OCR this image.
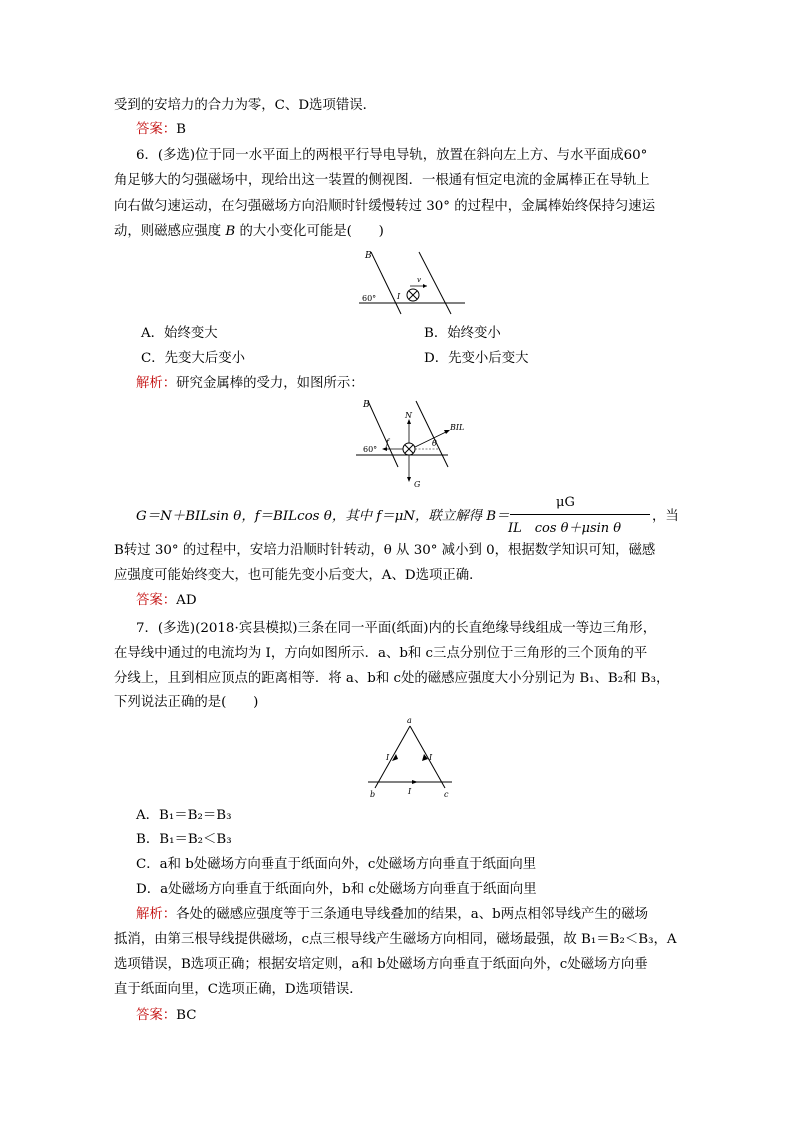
受到的安培力的合力为零，C、D选项错误．
答案：B
6．(多选)位于同一水平面上的两根平行导电导轨，放置在斜向左上方、与水平面成60°
角足够大的匀强磁场中，现给出这一装置的侧视图．一根通有恒定电流的金属棒正在导轨上
向右做匀速运动，在匀强磁场方向沿顺时针缓慢转过 30° 的过程中，金属棒始终保持匀速运
动，则磁感应强度 B 的大小变化可能是(　　)
B
v
60°	I
A．始终变大	B．始终变小
C．先变大后变小	D．先变小后变大
解析：研究金属棒的受力，如图所示：
B
N
BIL
θ
60°
f
G
G＝N＋BILsin θ，f＝BILcos θ，其中 f＝μN，联立解得 B＝
μG
IL　cos θ＋μsin θ
，当
B转过 30° 的过程中，安培力沿顺时针转动，θ 从 30° 减小到 0，根据数学知识可知，磁感
应强度可能始终变大，也可能先变小后变大，A、D选项正确．
答案：AD
7．(多选)(2018·宾县模拟)三条在同一平面(纸面)内的长直绝缘导线组成一等边三角形，
在导线中通过的电流均为 I，方向如图所示．a、b和 c三点分别位于三角形的三个顶角的平
分线上，且到相应顶点的距离相等．将 a、b和 c处的磁感应强度大小分别记为 B₁、B₂和 B₃，
下列说法正确的是(　　)
a
b	c
I	I
I
A．B₁＝B₂＝B₃
B．B₁＝B₂＜B₃
C．a和 b处磁场方向垂直于纸面向外，c处磁场方向垂直于纸面向里
D．a处磁场方向垂直于纸面向外，b和 c处磁场方向垂直于纸面向里
解析：各处的磁感应强度等于三条通电导线叠加的结果，a、b两点相邻导线产生的磁场
抵消，由第三根导线提供磁场，c点三根导线产生磁场方向相同，磁场最强，故 B₁＝B₂＜B₃，A
选项错误，B选项正确；根据安培定则，a和 b处磁场方向垂直于纸面向外，c处磁场方向垂
直于纸面向里，C选项正确，D选项错误．
答案：BC
